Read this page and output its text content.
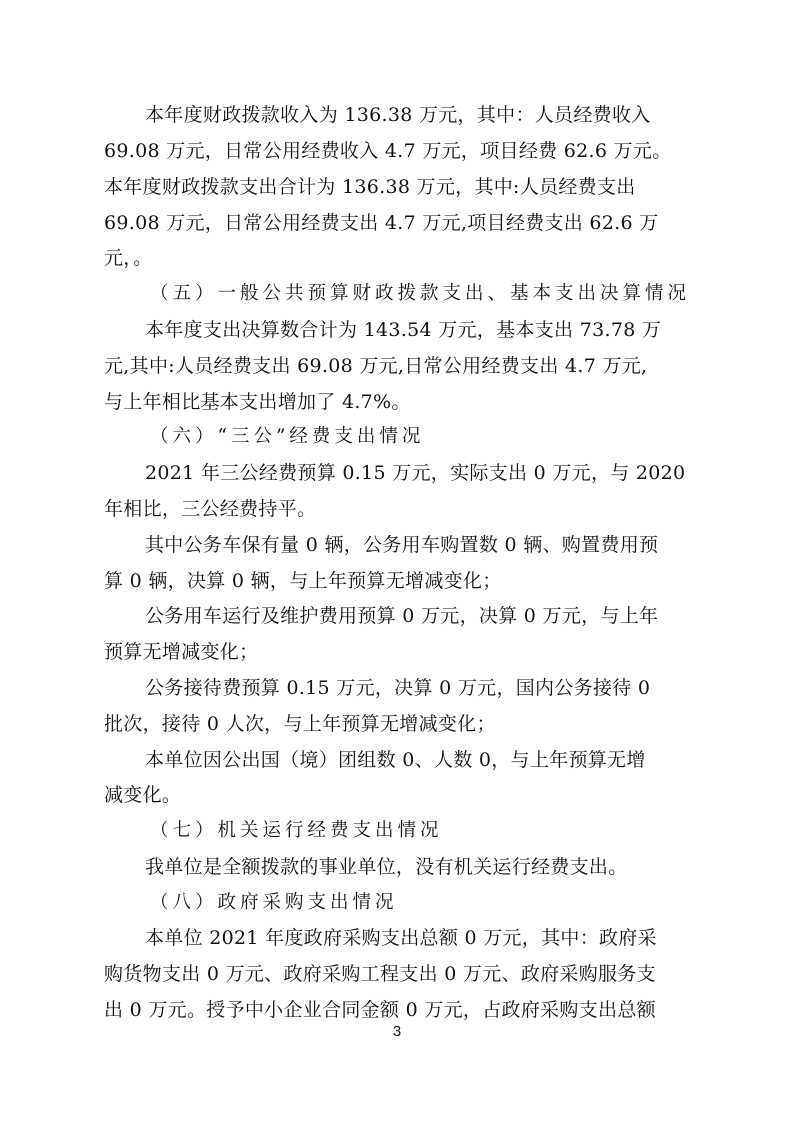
本年度财政拨款收入为 136.38 万元，其中：人员经费收入
69.08 万元，日常公用经费收入 4.7 万元，项目经费 62.6 万元。
本年度财政拨款支出合计为 136.38 万元，其中:人员经费支出
69.08 万元，日常公用经费支出 4.7 万元,项目经费支出 62.6 万
元，。
（五）一般公共预算财政拨款支出、基本支出决算情况
本年度支出决算数合计为 143.54 万元，基本支出 73.78 万
元,其中:人员经费支出 69.08 万元,日常公用经费支出 4.7 万元,
与上年相比基本支出增加了 4.7%。
（六）“三公”经费支出情况
2021 年三公经费预算 0.15 万元，实际支出 0 万元，与 2020
年相比，三公经费持平。
其中公务车保有量 0 辆，公务用车购置数 0 辆、购置费用预
算 0 辆，决算 0 辆，与上年预算无增减变化；
公务用车运行及维护费用预算 0 万元，决算 0 万元，与上年
预算无增减变化；
公务接待费预算 0.15 万元，决算 0 万元，国内公务接待 0
批次，接待 0 人次，与上年预算无增减变化；
本单位因公出国（境）团组数 0、人数 0，与上年预算无增
减变化。
（七）机关运行经费支出情况
我单位是全额拨款的事业单位，没有机关运行经费支出。
（八）政府采购支出情况
本单位 2021 年度政府采购支出总额 0 万元，其中：政府采
购货物支出 0 万元、政府采购工程支出 0 万元、政府采购服务支
出 0 万元。授予中小企业合同金额 0 万元，占政府采购支出总额
3
